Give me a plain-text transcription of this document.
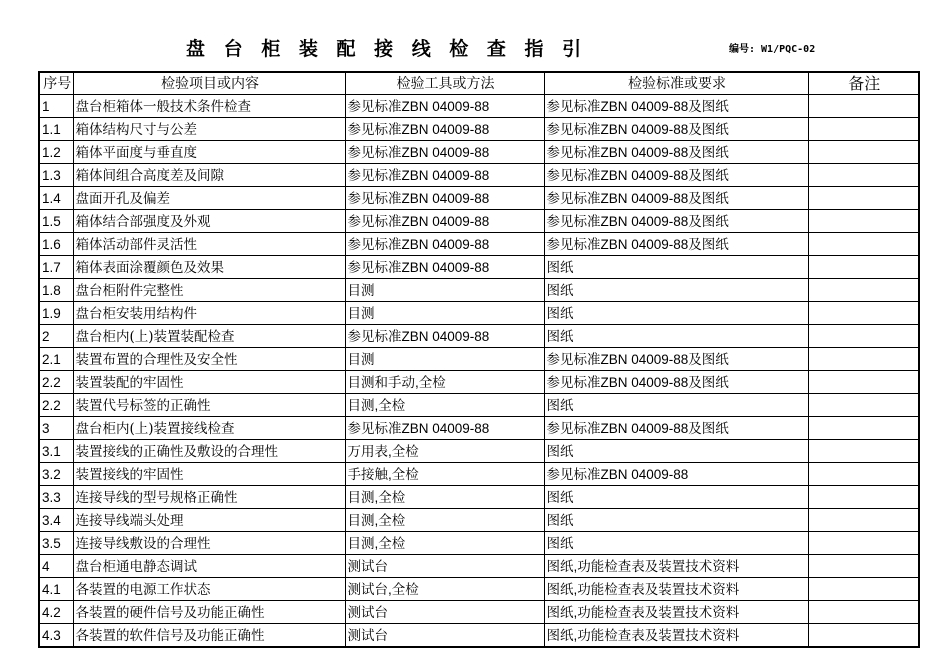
盘 台 柜 装 配 接 线 检 查 指 引	编号: W1/PQC-02
序号	检验项目或内容	检验工具或方法	检验标准或要求	备注
1	盘台柜箱体一般技术条件检查	参见标准ZBN 04009-88	参见标准ZBN 04009-88及图纸	
1.1	箱体结构尺寸与公差	参见标准ZBN 04009-88	参见标准ZBN 04009-88及图纸	
1.2	箱体平面度与垂直度	参见标准ZBN 04009-88	参见标准ZBN 04009-88及图纸	
1.3	箱体间组合高度差及间隙	参见标准ZBN 04009-88	参见标准ZBN 04009-88及图纸	
1.4	盘面开孔及偏差	参见标准ZBN 04009-88	参见标准ZBN 04009-88及图纸	
1.5	箱体结合部强度及外观	参见标准ZBN 04009-88	参见标准ZBN 04009-88及图纸	
1.6	箱体活动部件灵活性	参见标准ZBN 04009-88	参见标准ZBN 04009-88及图纸	
1.7	箱体表面涂覆颜色及效果	参见标准ZBN 04009-88	图纸	
1.8	盘台柜附件完整性	目测	图纸	
1.9	盘台柜安装用结构件	目测	图纸	
2	盘台柜内(上)装置装配检查	参见标准ZBN 04009-88	图纸	
2.1	装置布置的合理性及安全性	目测	参见标准ZBN 04009-88及图纸	
2.2	装置装配的牢固性	目测和手动,全检	参见标准ZBN 04009-88及图纸	
2.2	装置代号标签的正确性	目测,全检	图纸	
3	盘台柜内(上)装置接线检查	参见标准ZBN 04009-88	参见标准ZBN 04009-88及图纸	
3.1	装置接线的正确性及敷设的合理性	万用表,全检	图纸	
3.2	装置接线的牢固性	手接触,全检	参见标准ZBN 04009-88	
3.3	连接导线的型号规格正确性	目测,全检	图纸	
3.4	连接导线端头处理	目测,全检	图纸	
3.5	连接导线敷设的合理性	目测,全检	图纸	
4	盘台柜通电静态调试	测试台	图纸,功能检查表及装置技术资料	
4.1	各装置的电源工作状态	测试台,全检	图纸,功能检查表及装置技术资料	
4.2	各装置的硬件信号及功能正确性	测试台	图纸,功能检查表及装置技术资料	
4.3	各装置的软件信号及功能正确性	测试台	图纸,功能检查表及装置技术资料	
